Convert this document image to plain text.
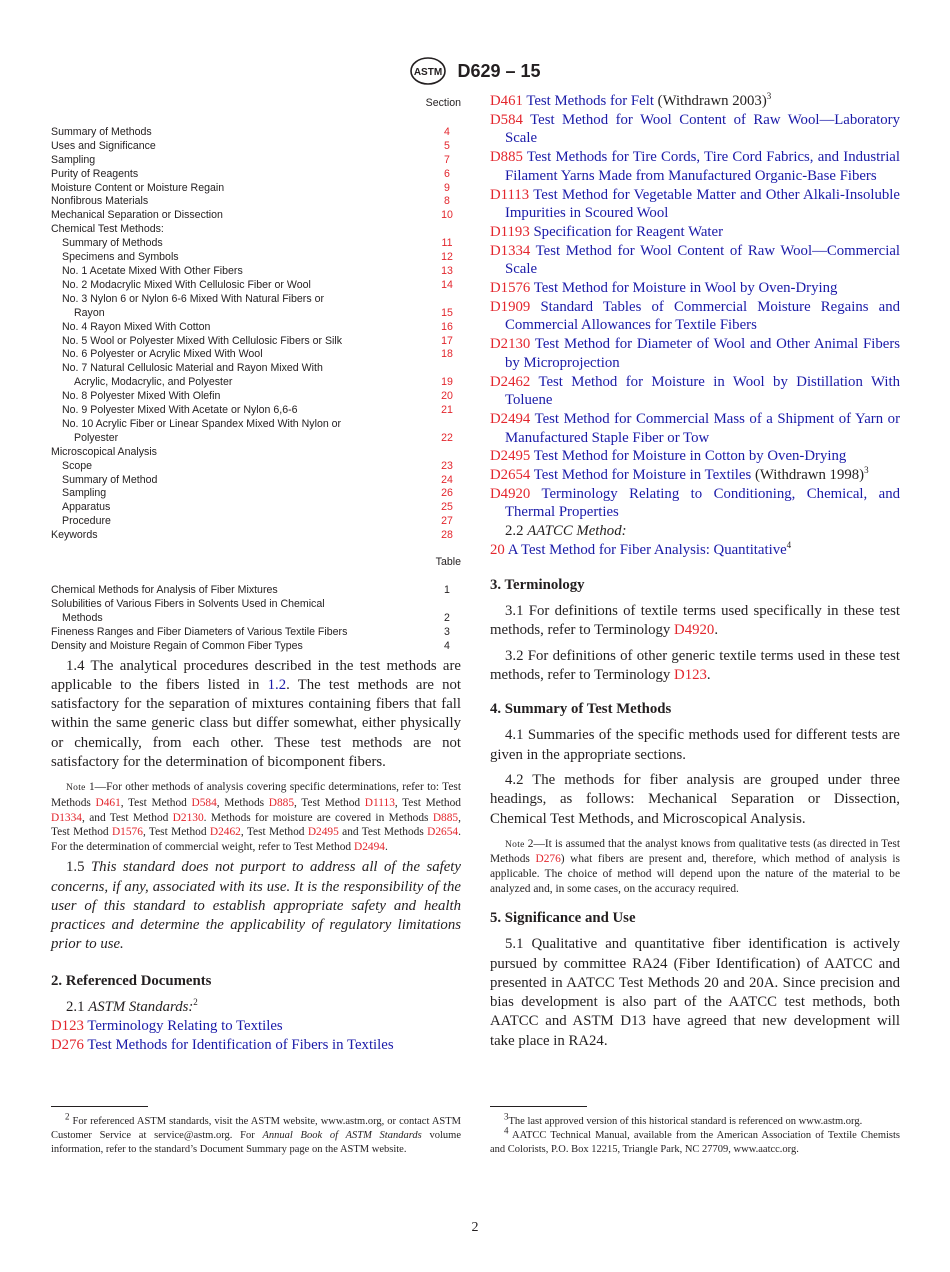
ASTM D629 – 15
Section
Summary of Methods	4
Uses and Significance	5
Sampling	7
Purity of Reagents	6
Moisture Content or Moisture Regain	9
Nonfibrous Materials	8
Mechanical Separation or Dissection	10
Chemical Test Methods:
Summary of Methods	11
Specimens and Symbols	12
No. 1 Acetate Mixed With Other Fibers	13
No. 2 Modacrylic Mixed With Cellulosic Fiber or Wool	14
No. 3 Nylon 6 or Nylon 6-6 Mixed With Natural Fibers or
Rayon	15
No. 4 Rayon Mixed With Cotton	16
No. 5 Wool or Polyester Mixed With Cellulosic Fibers or Silk	17
No. 6 Polyester or Acrylic Mixed With Wool	18
No. 7 Natural Cellulosic Material and Rayon Mixed With
Acrylic, Modacrylic, and Polyester	19
No. 8 Polyester Mixed With Olefin	20
No. 9 Polyester Mixed With Acetate or Nylon 6,6-6	21
No. 10 Acrylic Fiber or Linear Spandex Mixed With Nylon or
Polyester	22
Microscopical Analysis
Scope	23
Summary of Method	24
Sampling	26
Apparatus	25
Procedure	27
Keywords	28
Table
Chemical Methods for Analysis of Fiber Mixtures	1
Solubilities of Various Fibers in Solvents Used in Chemical
Methods	2
Fineness Ranges and Fiber Diameters of Various Textile Fibers	3
Density and Moisture Regain of Common Fiber Types	4

1.4 The analytical procedures described in the test methods are applicable to the fibers listed in 1.2. The test methods are not satisfactory for the separation of mixtures containing fibers that fall within the same generic class but differ somewhat, either physically or chemically, from each other. These test methods are not satisfactory for the determination of bicomponent fibers.

Note 1—For other methods of analysis covering specific determinations, refer to: Test Methods D461, Test Method D584, Methods D885, Test Method D1113, Test Method D1334, and Test Method D2130. Methods for moisture are covered in Methods D885, Test Method D1576, Test Method D2462, Test Method D2495 and Test Methods D2654. For the determination of commercial weight, refer to Test Method D2494.

1.5 This standard does not purport to address all of the safety concerns, if any, associated with its use. It is the responsibility of the user of this standard to establish appropriate safety and health practices and determine the applicability of regulatory limitations prior to use.

2. Referenced Documents

2.1 ASTM Standards:$^2$

D123 Terminology Relating to Textiles

D276 Test Methods for Identification of Fibers in Textiles

$^2$ For referenced ASTM standards, visit the ASTM website, www.astm.org, or contact ASTM Customer Service at service@astm.org. For Annual Book of ASTM Standards volume information, refer to the standard’s Document Summary page on the ASTM website.

D461 Test Methods for Felt (Withdrawn 2003)$^3$

D584 Test Method for Wool Content of Raw Wool—Laboratory Scale

D885 Test Methods for Tire Cords, Tire Cord Fabrics, and Industrial Filament Yarns Made from Manufactured Organic-Base Fibers

D1113 Test Method for Vegetable Matter and Other Alkali-Insoluble Impurities in Scoured Wool

D1193 Specification for Reagent Water

D1334 Test Method for Wool Content of Raw Wool—Commercial Scale

D1576 Test Method for Moisture in Wool by Oven-Drying

D1909 Standard Tables of Commercial Moisture Regains and Commercial Allowances for Textile Fibers

D2130 Test Method for Diameter of Wool and Other Animal Fibers by Microprojection

D2462 Test Method for Moisture in Wool by Distillation With Toluene

D2494 Test Method for Commercial Mass of a Shipment of Yarn or Manufactured Staple Fiber or Tow

D2495 Test Method for Moisture in Cotton by Oven-Drying

D2654 Test Method for Moisture in Textiles (Withdrawn 1998)$^3$

D4920 Terminology Relating to Conditioning, Chemical, and Thermal Properties

2.2 AATCC Method:

20 A Test Method for Fiber Analysis: Quantitative$^4$

3. Terminology

3.1 For definitions of textile terms used specifically in these test methods, refer to Terminology D4920.

3.2 For definitions of other generic textile terms used in these test methods, refer to Terminology D123.

4. Summary of Test Methods

4.1 Summaries of the specific methods used for different tests are given in the appropriate sections.

4.2 The methods for fiber analysis are grouped under three headings, as follows: Mechanical Separation or Dissection, Chemical Test Methods, and Microscopical Analysis.

Note 2—It is assumed that the analyst knows from qualitative tests (as directed in Test Methods D276) what fibers are present and, therefore, which method of analysis is applicable. The choice of method will depend upon the nature of the material to be analyzed and, in some cases, on the accuracy required.
5. Significance and Use

5.1 Qualitative and quantitative fiber identification is actively pursued by committee RA24 (Fiber Identification) of AATCC and presented in AATCC Test Methods 20 and 20A. Since precision and bias development is also part of the AATCC test methods, both AATCC and ASTM D13 have agreed that new development will take place in RA24.

$^3$The last approved version of this historical standard is referenced on www.astm.org.
$^4$ AATCC Technical Manual, available from the American Association of Textile Chemists and Colorists, P.O. Box 12215, Triangle Park, NC 27709, www.aatcc.org.
2
